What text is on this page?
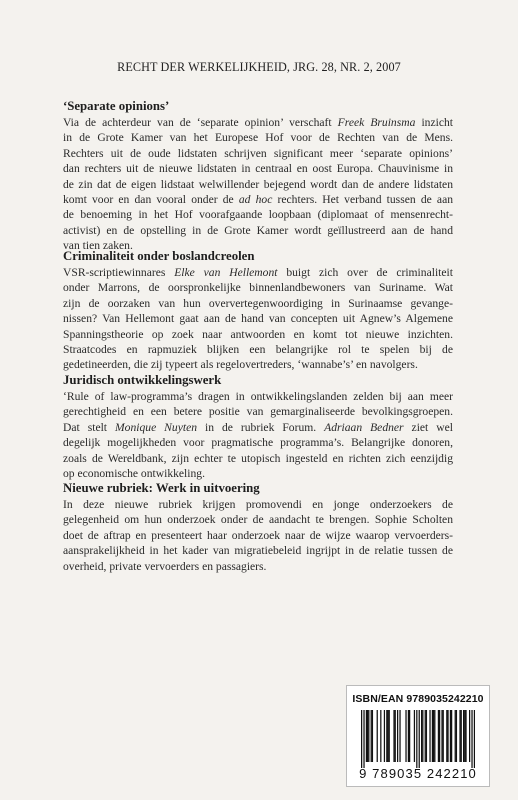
RECHT DER WERKELIJKHEID, JRG. 28, NR. 2, 2007
‘Separate opinions’
Via de achterdeur van de ‘separate opinion’ verschaft Freek Bruinsma inzicht
in de Grote Kamer van het Europese Hof voor de Rechten van de Mens.
Rechters uit de oude lidstaten schrijven significant meer ‘separate opinions’
dan rechters uit de nieuwe lidstaten in centraal en oost Europa. Chauvinisme in
de zin dat de eigen lidstaat welwillender bejegend wordt dan de andere lidstaten
komt voor en dan vooral onder de ad hoc rechters. Het verband tussen de aan
de benoeming in het Hof voorafgaande loopbaan (diplomaat of mensenrecht-
activist) en de opstelling in de Grote Kamer wordt geïllustreerd aan de hand
van tien zaken.
Criminaliteit onder boslandcreolen
VSR-scriptiewinnares Elke van Hellemont buigt zich over de criminaliteit
onder Marrons, de oorspronkelijke binnenlandbewoners van Suriname. Wat
zijn de oorzaken van hun oververtegenwoordiging in Surinaamse gevange-
nissen? Van Hellemont gaat aan de hand van concepten uit Agnew’s Algemene
Spanningstheorie op zoek naar antwoorden en komt tot nieuwe inzichten.
Straatcodes en rapmuziek blijken een belangrijke rol te spelen bij de
gedetineerden, die zij typeert als regelovertreders, ‘wannabe’s’ en navolgers.
Juridisch ontwikkelingswerk
‘Rule of law-programma’s dragen in ontwikkelingslanden zelden bij aan meer
gerechtigheid en een betere positie van gemarginaliseerde bevolkingsgroepen.
Dat stelt Monique Nuyten in de rubriek Forum. Adriaan Bedner ziet wel
degelijk mogelijkheden voor pragmatische programma’s. Belangrijke donoren,
zoals de Wereldbank, zijn echter te utopisch ingesteld en richten zich eenzijdig
op economische ontwikkeling.
Nieuwe rubriek: Werk in uitvoering
In deze nieuwe rubriek krijgen promovendi en jonge onderzoekers de
gelegenheid om hun onderzoek onder de aandacht te brengen. Sophie Scholten
doet de aftrap en presenteert haar onderzoek naar de wijze waarop vervoerders-
aansprakelijkheid in het kader van migratiebeleid ingrijpt in de relatie tussen de
overheid, private vervoerders en passagiers.
ISBN/EAN 9789035242210
9 789035 242210
